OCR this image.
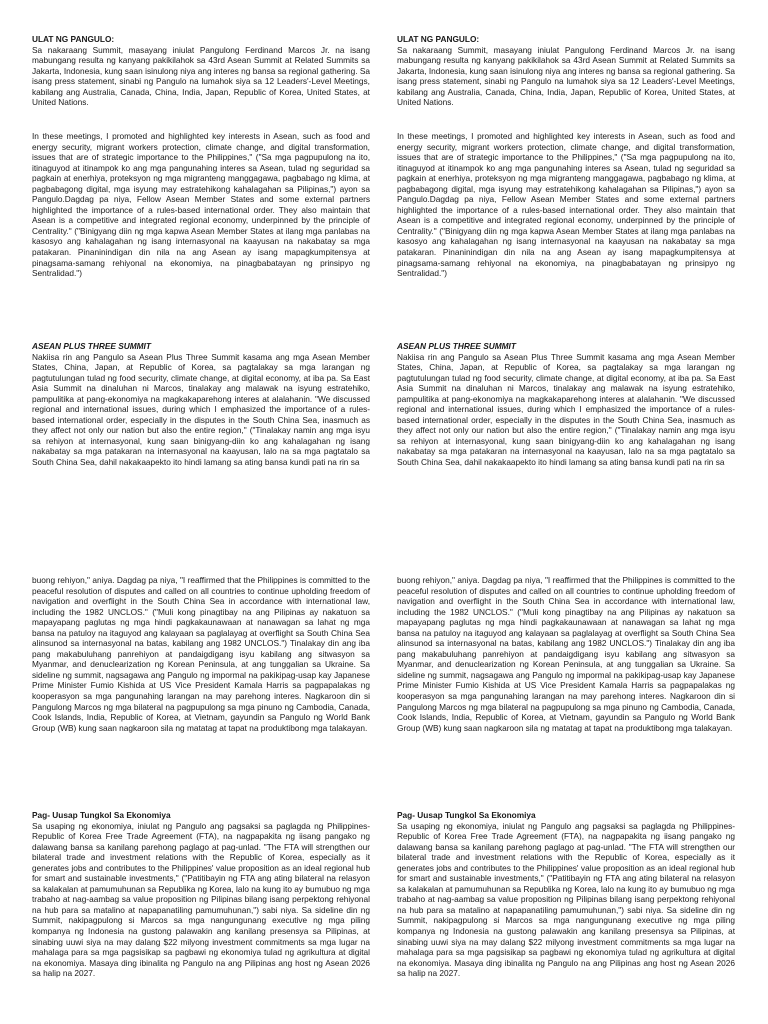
ULAT NG PANGULO:

Sa nakaraang Summit, masayang iniulat Pangulong Ferdinand Marcos Jr. na isang mabungang resulta ng kanyang pakikilahok sa 43rd Asean Summit at Related Summits sa Jakarta, Indonesia, kung saan isinulong niya ang interes ng bansa sa regional gathering. Sa isang press statement, sinabi ng Pangulo na lumahok siya sa 12 Leaders'-Level Meetings, kabilang ang Australia, Canada, China, India, Japan, Republic of Korea, United States, at United Nations.

In these meetings, I promoted and highlighted key interests in Asean, such as food and energy security, migrant workers protection, climate change, and digital transformation, issues that are of strategic importance to the Philippines," ("Sa mga pagpupulong na ito, itinaguyod at itinampok ko ang mga pangunahing interes sa Asean, tulad ng seguridad sa pagkain at enerhiya, proteksyon ng mga migranteng manggagawa, pagbabago ng klima, at pagbabagong digital, mga isyung may estratehikong kahalagahan sa Pilipinas,") ayon sa Pangulo.Dagdag pa niya, Fellow Asean Member States and some external partners highlighted the importance of a rules-based international order. They also maintain that Asean is a competitive and integrated regional economy, underpinned by the principle of Centrality." ("Binigyang diin ng mga kapwa Asean Member States at ilang mga panlabas na kasosyo ang kahalagahan ng isang internasyonal na kaayusan na nakabatay sa mga patakaran. Pinaninindigan din nila na ang Asean ay isang mapagkumpitensya at pinagsama-samang rehiyonal na ekonomiya, na pinagbabatayan ng prinsipyo ng Sentralidad.")

ASEAN PLUS THREE SUMMIT

Nakiisa rin ang Pangulo sa Asean Plus Three Summit kasama ang mga Asean Member States, China, Japan, at Republic of Korea, sa pagtalakay sa mga larangan ng pagtutulungan tulad ng food security, climate change, at digital economy, at iba pa. Sa East Asia Summit na dinaluhan ni Marcos, tinalakay ang malawak na isyung estratehiko, pampulitika at pang-ekonomiya na magkakaparehong interes at alalahanin. "We discussed regional and international issues, during which I emphasized the importance of a rules-based international order, especially in the disputes in the South China Sea, inasmuch as they affect not only our nation but also the entire region," ("Tinalakay namin ang mga isyu sa rehiyon at internasyonal, kung saan binigyang-diin ko ang kahalagahan ng isang nakabatay sa mga patakaran na internasyonal na kaayusan, lalo na sa mga pagtatalo sa South China Sea, dahil nakakaapekto ito hindi lamang sa ating bansa kundi pati na rin sa

buong rehiyon," aniya. Dagdag pa niya, "I reaffirmed that the Philippines is committed to the peaceful resolution of disputes and called on all countries to continue upholding freedom of navigation and overflight in the South China Sea in accordance with international law, including the 1982 UNCLOS." ("Muli kong pinagtibay na ang Pilipinas ay nakatuon sa mapayapang paglutas ng mga hindi pagkakaunawaan at nanawagan sa lahat ng mga bansa na patuloy na itaguyod ang kalayaan sa paglalayag at overflight sa South China Sea alinsunod sa internasyonal na batas, kabilang ang 1982 UNCLOS.") Tinalakay din ang iba pang makabuluhang panrehiyon at pandaigdigang isyu kabilang ang sitwasyon sa Myanmar, and denuclearization ng Korean Peninsula, at ang tunggalian sa Ukraine. Sa sideline ng summit, nagsagawa ang Pangulo ng impormal na pakikipag-usap kay Japanese Prime Minister Fumio Kishida at US Vice President Kamala Harris sa pagpapalakas ng kooperasyon sa mga pangunahing larangan na may parehong interes. Nagkaroon din si Pangulong Marcos ng mga bilateral na pagpupulong sa mga pinuno ng Cambodia, Canada, Cook Islands, India, Republic of Korea, at Vietnam, gayundin sa Pangulo ng World Bank Group (WB) kung saan nagkaroon sila ng matatag at tapat na produktibong mga talakayan.

Pag- Uusap Tungkol Sa Ekonomiya

Sa usaping ng ekonomiya, iniulat ng Pangulo ang pagsaksi sa paglagda ng Philippines- Republic of Korea Free Trade Agreement (FTA), na nagpapakita ng iisang pangako ng dalawang bansa sa kanilang parehong paglago at pag-unlad. "The FTA will strengthen our bilateral trade and investment relations with the Republic of Korea, especially as it generates jobs and contributes to the Philippines' value proposition as an ideal regional hub for smart and sustainable investments," ("Patitibayin ng FTA ang ating bilateral na relasyon sa kalakalan at pamumuhunan sa Republika ng Korea, lalo na kung ito ay bumubuo ng mga trabaho at nag-aambag sa value proposition ng Pilipinas bilang isang perpektong rehiyonal na hub para sa matalino at napapanatiling pamumuhunan,") sabi niya. Sa sideline din ng Summit, nakipagpulong si Marcos sa mga nangungunang executive ng mga piling kompanya ng Indonesia na gustong palawakin ang kanilang presensya sa Pilipinas, at sinabing uuwi siya na may dalang $22 milyong investment commitments sa mga lugar na mahalaga para sa mga pagsisikap sa pagbawi ng ekonomiya tulad ng agrikultura at digital na ekonomiya. Masaya ding ibinalita ng Pangulo na ang Pilipinas ang host ng Asean 2026 sa halip na 2027.

ULAT NG PANGULO:

Sa nakaraang Summit, masayang iniulat Pangulong Ferdinand Marcos Jr. na isang mabungang resulta ng kanyang pakikilahok sa 43rd Asean Summit at Related Summits sa Jakarta, Indonesia, kung saan isinulong niya ang interes ng bansa sa regional gathering. Sa isang press statement, sinabi ng Pangulo na lumahok siya sa 12 Leaders'-Level Meetings, kabilang ang Australia, Canada, China, India, Japan, Republic of Korea, United States, at United Nations.

In these meetings, I promoted and highlighted key interests in Asean, such as food and energy security, migrant workers protection, climate change, and digital transformation, issues that are of strategic importance to the Philippines," ("Sa mga pagpupulong na ito, itinaguyod at itinampok ko ang mga pangunahing interes sa Asean, tulad ng seguridad sa pagkain at enerhiya, proteksyon ng mga migranteng manggagawa, pagbabago ng klima, at pagbabagong digital, mga isyung may estratehikong kahalagahan sa Pilipinas,") ayon sa Pangulo.Dagdag pa niya, Fellow Asean Member States and some external partners highlighted the importance of a rules-based international order. They also maintain that Asean is a competitive and integrated regional economy, underpinned by the principle of Centrality." ("Binigyang diin ng mga kapwa Asean Member States at ilang mga panlabas na kasosyo ang kahalagahan ng isang internasyonal na kaayusan na nakabatay sa mga patakaran. Pinaninindigan din nila na ang Asean ay isang mapagkumpitensya at pinagsama-samang rehiyonal na ekonomiya, na pinagbabatayan ng prinsipyo ng Sentralidad.")

ASEAN PLUS THREE SUMMIT

Nakiisa rin ang Pangulo sa Asean Plus Three Summit kasama ang mga Asean Member States, China, Japan, at Republic of Korea, sa pagtalakay sa mga larangan ng pagtutulungan tulad ng food security, climate change, at digital economy, at iba pa. Sa East Asia Summit na dinaluhan ni Marcos, tinalakay ang malawak na isyung estratehiko, pampulitika at pang-ekonomiya na magkakaparehong interes at alalahanin. "We discussed regional and international issues, during which I emphasized the importance of a rules-based international order, especially in the disputes in the South China Sea, inasmuch as they affect not only our nation but also the entire region," ("Tinalakay namin ang mga isyu sa rehiyon at internasyonal, kung saan binigyang-diin ko ang kahalagahan ng isang nakabatay sa mga patakaran na internasyonal na kaayusan, lalo na sa mga pagtatalo sa South China Sea, dahil nakakaapekto ito hindi lamang sa ating bansa kundi pati na rin sa

buong rehiyon," aniya. Dagdag pa niya, "I reaffirmed that the Philippines is committed to the peaceful resolution of disputes and called on all countries to continue upholding freedom of navigation and overflight in the South China Sea in accordance with international law, including the 1982 UNCLOS." ("Muli kong pinagtibay na ang Pilipinas ay nakatuon sa mapayapang paglutas ng mga hindi pagkakaunawaan at nanawagan sa lahat ng mga bansa na patuloy na itaguyod ang kalayaan sa paglalayag at overflight sa South China Sea alinsunod sa internasyonal na batas, kabilang ang 1982 UNCLOS.") Tinalakay din ang iba pang makabuluhang panrehiyon at pandaigdigang isyu kabilang ang sitwasyon sa Myanmar, and denuclearization ng Korean Peninsula, at ang tunggalian sa Ukraine. Sa sideline ng summit, nagsagawa ang Pangulo ng impormal na pakikipag-usap kay Japanese Prime Minister Fumio Kishida at US Vice President Kamala Harris sa pagpapalakas ng kooperasyon sa mga pangunahing larangan na may parehong interes. Nagkaroon din si Pangulong Marcos ng mga bilateral na pagpupulong sa mga pinuno ng Cambodia, Canada, Cook Islands, India, Republic of Korea, at Vietnam, gayundin sa Pangulo ng World Bank Group (WB) kung saan nagkaroon sila ng matatag at tapat na produktibong mga talakayan.

Pag- Uusap Tungkol Sa Ekonomiya

Sa usaping ng ekonomiya, iniulat ng Pangulo ang pagsaksi sa paglagda ng Philippines- Republic of Korea Free Trade Agreement (FTA), na nagpapakita ng iisang pangako ng dalawang bansa sa kanilang parehong paglago at pag-unlad. "The FTA will strengthen our bilateral trade and investment relations with the Republic of Korea, especially as it generates jobs and contributes to the Philippines' value proposition as an ideal regional hub for smart and sustainable investments," ("Patitibayin ng FTA ang ating bilateral na relasyon sa kalakalan at pamumuhunan sa Republika ng Korea, lalo na kung ito ay bumubuo ng mga trabaho at nag-aambag sa value proposition ng Pilipinas bilang isang perpektong rehiyonal na hub para sa matalino at napapanatiling pamumuhunan,") sabi niya. Sa sideline din ng Summit, nakipagpulong si Marcos sa mga nangungunang executive ng mga piling kompanya ng Indonesia na gustong palawakin ang kanilang presensya sa Pilipinas, at sinabing uuwi siya na may dalang $22 milyong investment commitments sa mga lugar na mahalaga para sa mga pagsisikap sa pagbawi ng ekonomiya tulad ng agrikultura at digital na ekonomiya. Masaya ding ibinalita ng Pangulo na ang Pilipinas ang host ng Asean 2026 sa halip na 2027.
